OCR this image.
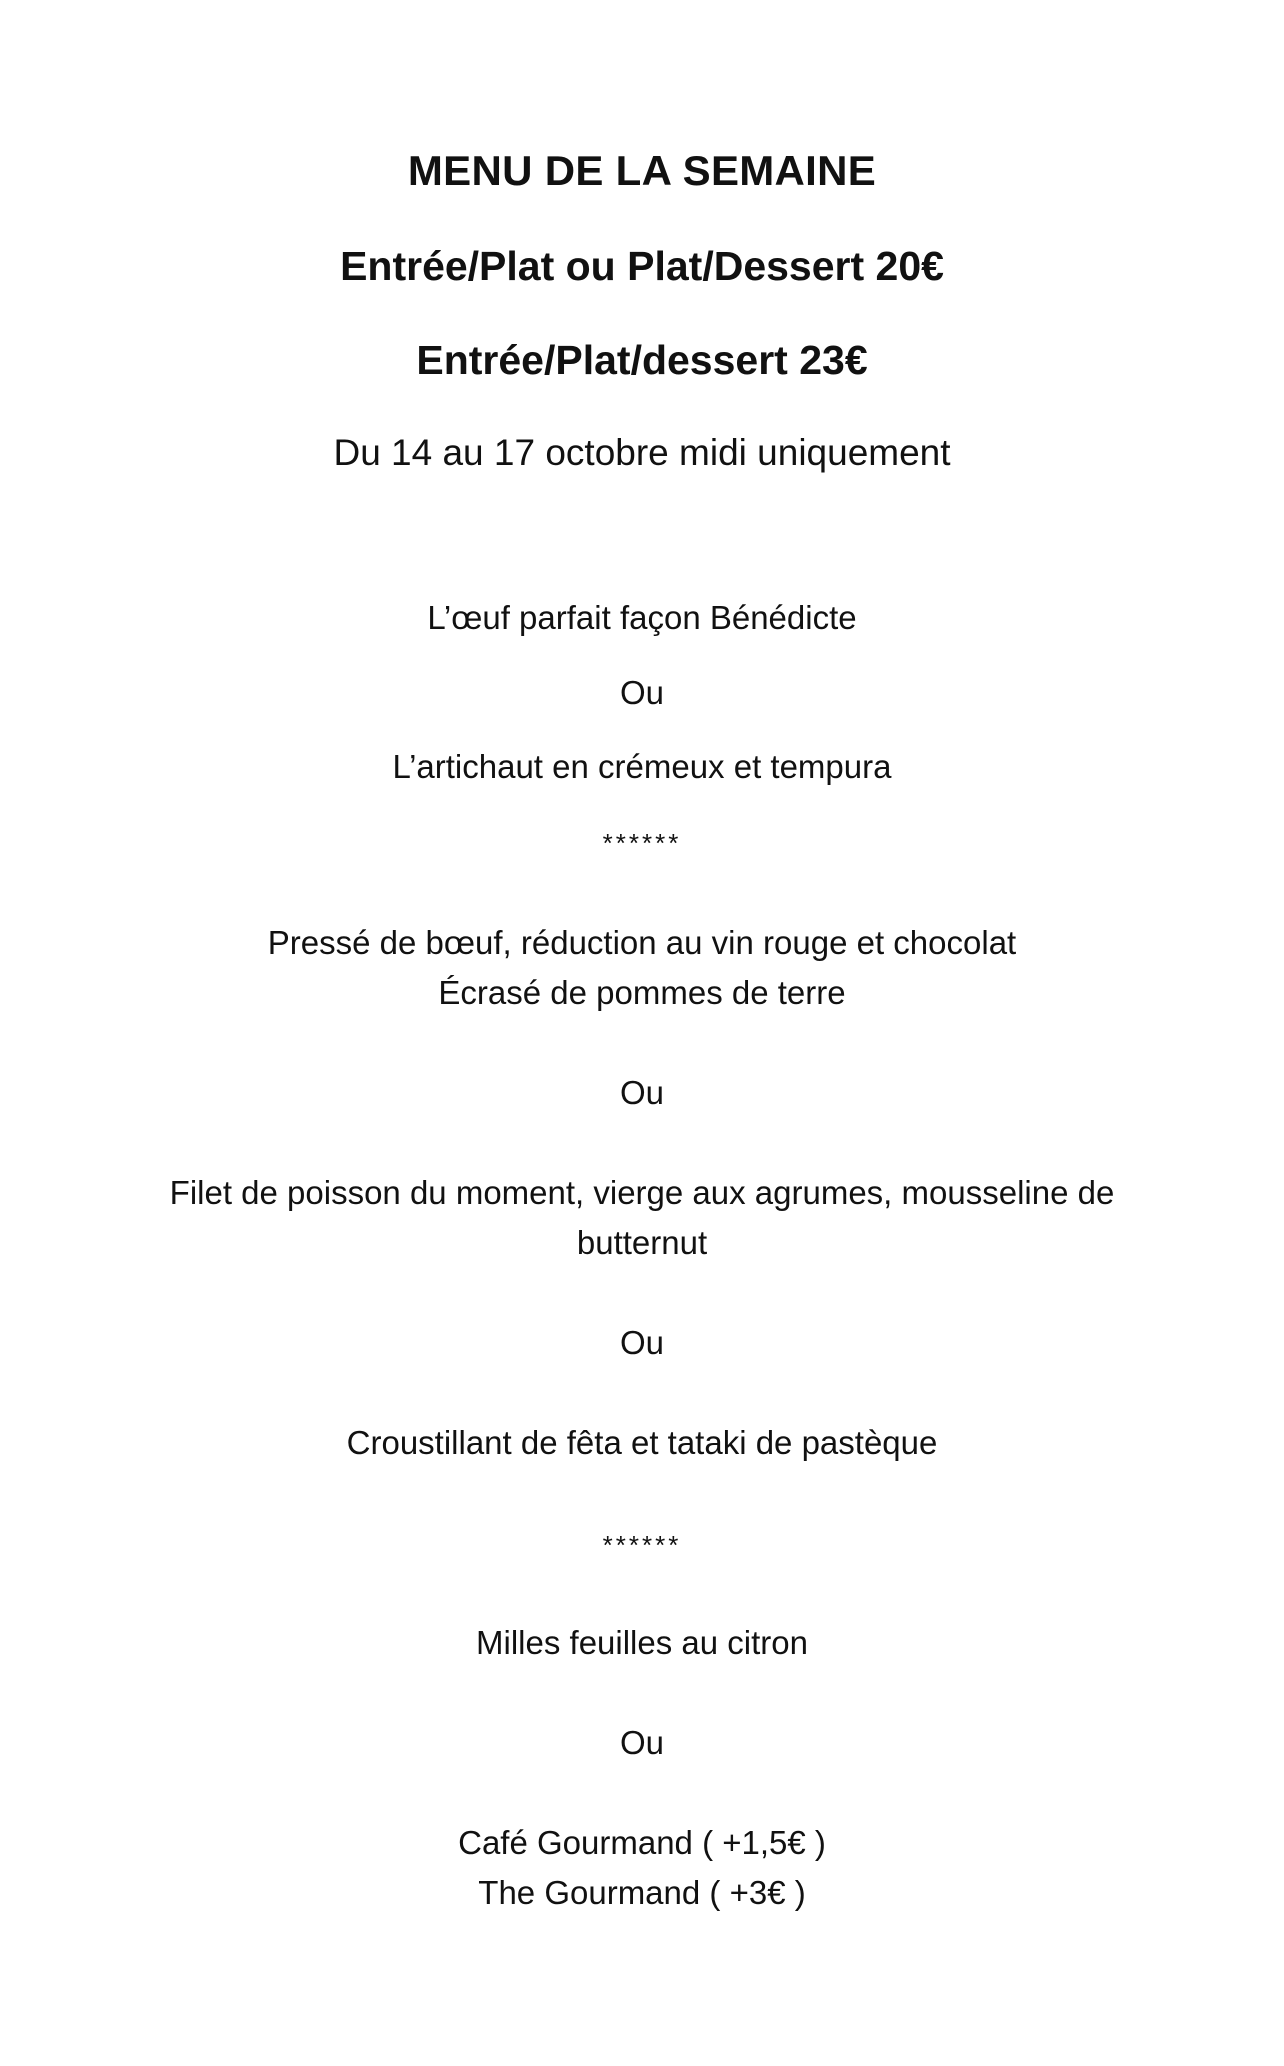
MENU DE LA SEMAINE
Entrée/Plat ou Plat/Dessert 20€
Entrée/Plat/dessert 23€
Du 14 au 17 octobre midi uniquement
L’œuf parfait façon Bénédicte
Ou
L’artichaut en crémeux et tempura
******
Pressé de bœuf, réduction au vin rouge et chocolat
Écrasé de pommes de terre
Ou
Filet de poisson du moment, vierge aux agrumes, mousseline de
butternut
Ou
Croustillant de fêta et tataki de pastèque
******
Milles feuilles au citron
Ou
Café Gourmand ( +1,5€ )
The Gourmand ( +3€ )
